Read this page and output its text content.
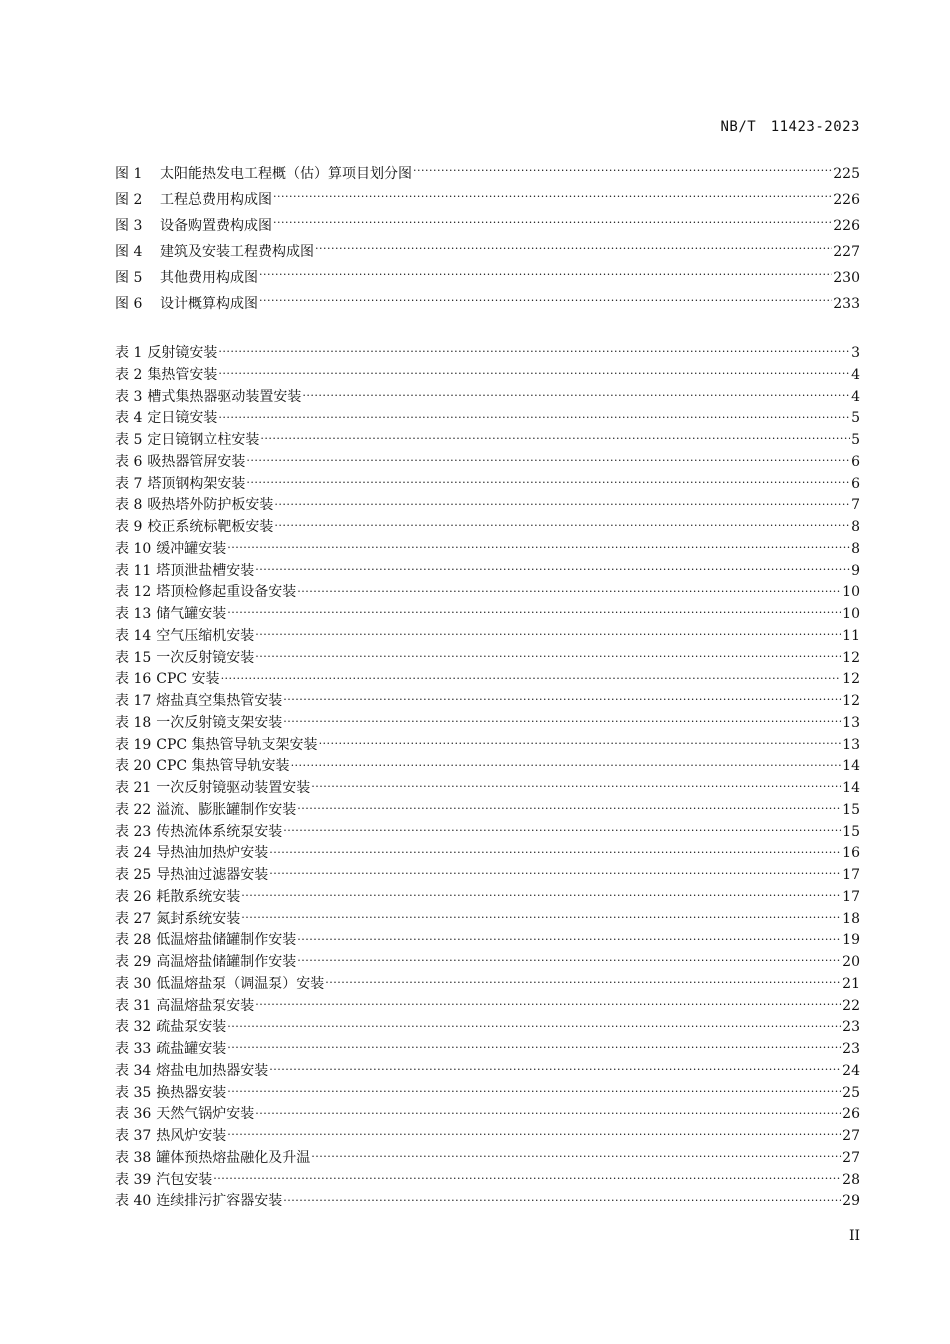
NB/T　11423-2023
图 1	太阳能热发电工程概（估）算项目划分图 .....	225
图 2	工程总费用构成图 .....	226
图 3	设备购置费构成图 .....	226
图 4	建筑及安装工程费构成图 .....	227
图 5	其他费用构成图 .....	230
图 6	设计概算构成图 .....	233
表 1 反射镜安装 .....	3
表 2 集热管安装 .....	4
表 3 槽式集热器驱动装置安装 .....	4
表 4 定日镜安装 .....	5
表 5 定日镜钢立柱安装 .....	5
表 6 吸热器管屏安装 .....	6
表 7 塔顶钢构架安装 .....	6
表 8 吸热塔外防护板安装 .....	7
表 9 校正系统标靶板安装 .....	8
表 10 缓冲罐安装 .....	8
表 11 塔顶泄盐槽安装 .....	9
表 12 塔顶检修起重设备安装 .....	10
表 13 储气罐安装 .....	10
表 14 空气压缩机安装 .....	11
表 15 一次反射镜安装 .....	12
表 16 CPC 安装 .....	12
表 17 熔盐真空集热管安装 .....	12
表 18 一次反射镜支架安装 .....	13
表 19 CPC 集热管导轨支架安装 .....	13
表 20 CPC 集热管导轨安装 .....	14
表 21 一次反射镜驱动装置安装 .....	14
表 22 溢流、膨胀罐制作安装 .....	15
表 23 传热流体系统泵安装 .....	15
表 24 导热油加热炉安装 .....	16
表 25 导热油过滤器安装 .....	17
表 26 耗散系统安装 .....	17
表 27 氮封系统安装 .....	18
表 28 低温熔盐储罐制作安装 .....	19
表 29 高温熔盐储罐制作安装 .....	20
表 30 低温熔盐泵（调温泵）安装 .....	21
表 31 高温熔盐泵安装 .....	22
表 32 疏盐泵安装 .....	23
表 33 疏盐罐安装 .....	23
表 34 熔盐电加热器安装 .....	24
表 35 换热器安装 .....	25
表 36 天然气锅炉安装 .....	26
表 37 热风炉安装 .....	27
表 38 罐体预热熔盐融化及升温 .....	27
表 39 汽包安装 .....	28
表 40 连续排污扩容器安装 .....	29
II
